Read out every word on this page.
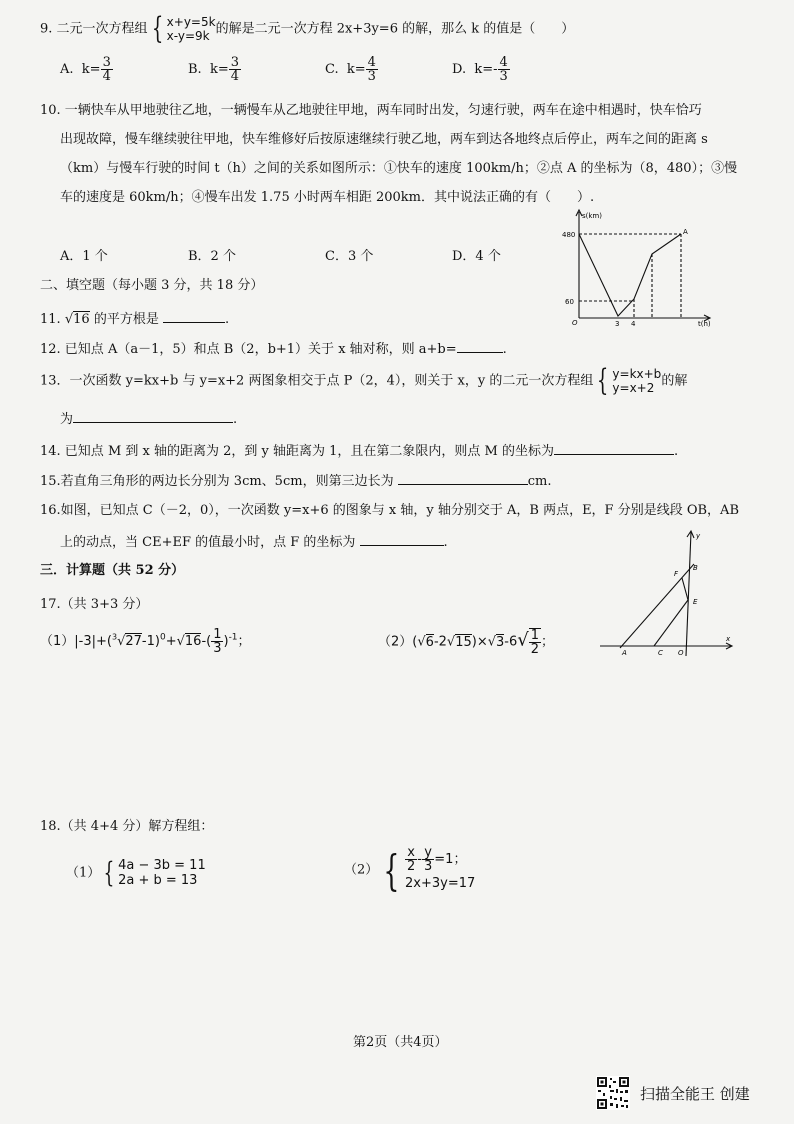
9. 二元一次方程组 { x+y=5k
x-y=9k 的解是二元一次方程 2x+3y=6 的解，那么 k 的值是（　　）
A. $k= \frac{3}{4}$	B. $k= \frac{3}{4}$	C. $k= \frac{4}{3}$	D. $k=- \frac{4}{3}$
10. 一辆快车从甲地驶往乙地，一辆慢车从乙地驶往甲地，两车同时出发，匀速行驶，两车在途中相遇时，快车恰巧
出现故障，慢车继续驶往甲地，快车维修好后按原速继续行驶乙地，两车到达各地终点后停止，两车之间的距离 s
（km）与慢车行驶的时间 t（h）之间的关系如图所示：①快车的速度 100km/h；②点 A 的坐标为（8，480）；③慢
车的速度是 60km/h；④慢车出发 1.75 小时两车相距 200km．其中说法正确的有（　　）.
A．1 个	B．2 个	C．3 个	D．4 个
s(km)
480
60
O	3 4	t(h)
A
二、填空题（每小题 3 分，共 18 分）
11. √16 的平方根是	.
12. 已知点 A（a－1，5）和点 B（2，b+1）关于 x 轴对称，则 a+b=	.
13．一次函数 y=kx+b 与 y=x+2 两图象相交于点 P（2，4），则关于 x，y 的二元一次方程组 { y=kx+b
y=x+2 的解
为	.
14. 已知点 M 到 x 轴的距离为 2，到 y 轴距离为 1，且在第二象限内，则点 M 的坐标为	.
15.若直角三角形的两边长分别为 3cm、5cm，则第三边长为	cm.
16.如图，已知点 C（－2，0），一次函数 y=x+6 的图象与 x 轴，y 轴分别交于 A，B 两点，E，F 分别是线段 OB，AB
上的动点，当 CE+EF 的值最小时，点 F 的坐标为	.	y
B
F
E
A	C O
x
三．计算题（共 52 分）
17.（共 3+3 分）
$(1)|-3|+(^3√27-1)^0+√16-( \frac{1}{3} )^{-1}$；	$(2)(√6-2√15)\times√3-6√ \frac{1}{2}$ ；
18.（共 4+4 分）解方程组：
（1） { 4a − 3b = 11
2a + b = 13
（2） { $\frac{x}{2} - \frac{y}{3} =1$；
2x+3y=17
第2页（共4页）
扫描全能王 创建
